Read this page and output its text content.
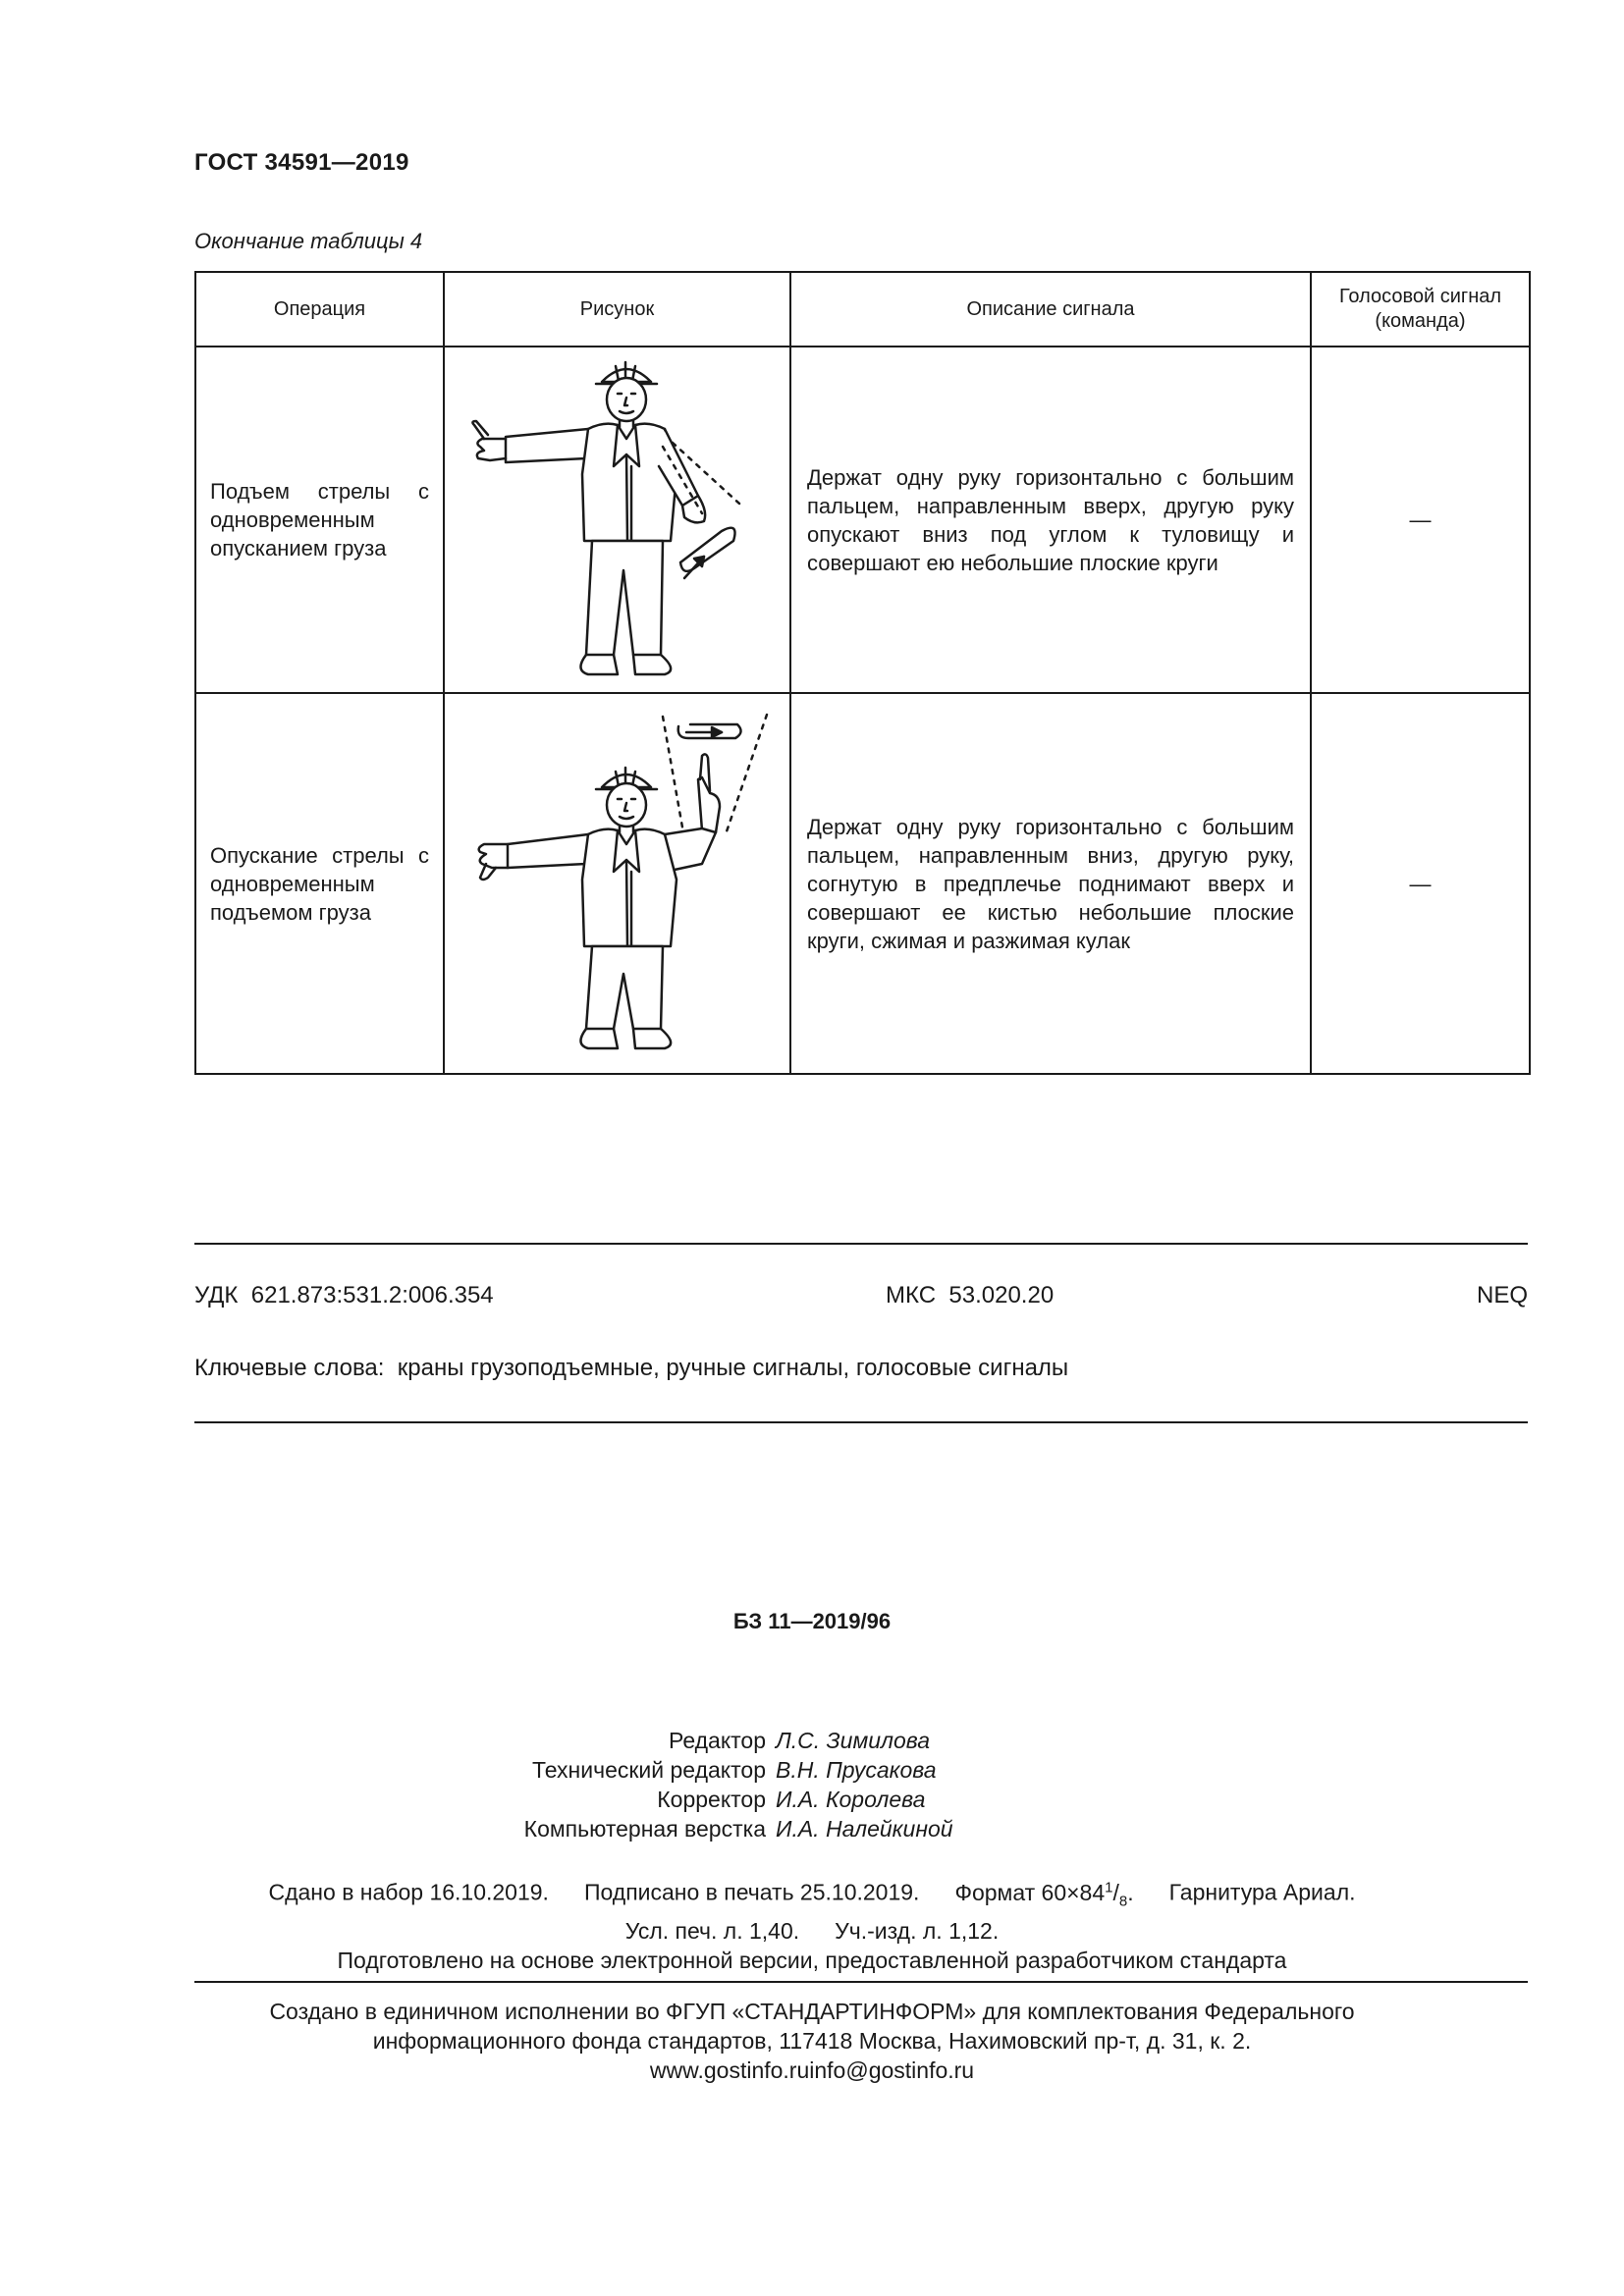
ГОСТ 34591—2019
Окончание таблицы 4
Операция	Рисунок	Описание сигнала	Голосовой сигнал (команда)
Подъем стрелы с одновременным опусканием груза		Держат одну руку горизонтально с большим пальцем, направленным вверх, другую руку опускают вниз под углом к туловищу и совершают ею небольшие плоские круги	—
Опускание стрелы с одновременным подъемом груза		Держат одну руку горизонтально с большим пальцем, направленным вниз, другую руку, согнутую в предплечье поднимают вверх и совершают ее кистью небольшие плоские круги, сжимая и разжимая кулак	—
УДК 621.873:531.2:006.354	МКС 53.020.20	NEQ
Ключевые слова: краны грузоподъемные, ручные сигналы, голосовые сигналы
БЗ 11—2019/96
Редактор Л.С. Зимилова
Технический редактор В.Н. Прусакова
Корректор И.А. Королева
Компьютерная верстка И.А. Налейкиной
Сдано в набор 16.10.2019. Подписано в печать 25.10.2019. Формат $60\times 84^1/_8$. Гарнитура Ариал.
Усл. печ. л. 1,40. Уч.-изд. л. 1,12.
Подготовлено на основе электронной версии, предоставленной разработчиком стандарта
Создано в единичном исполнении во ФГУП «СТАНДАРТИНФОРМ» для комплектования Федерального
информационного фонда стандартов, 117418 Москва, Нахимовский пр-т, д. 31, к. 2.
www.gostinfo.ruinfo@gostinfo.ru
